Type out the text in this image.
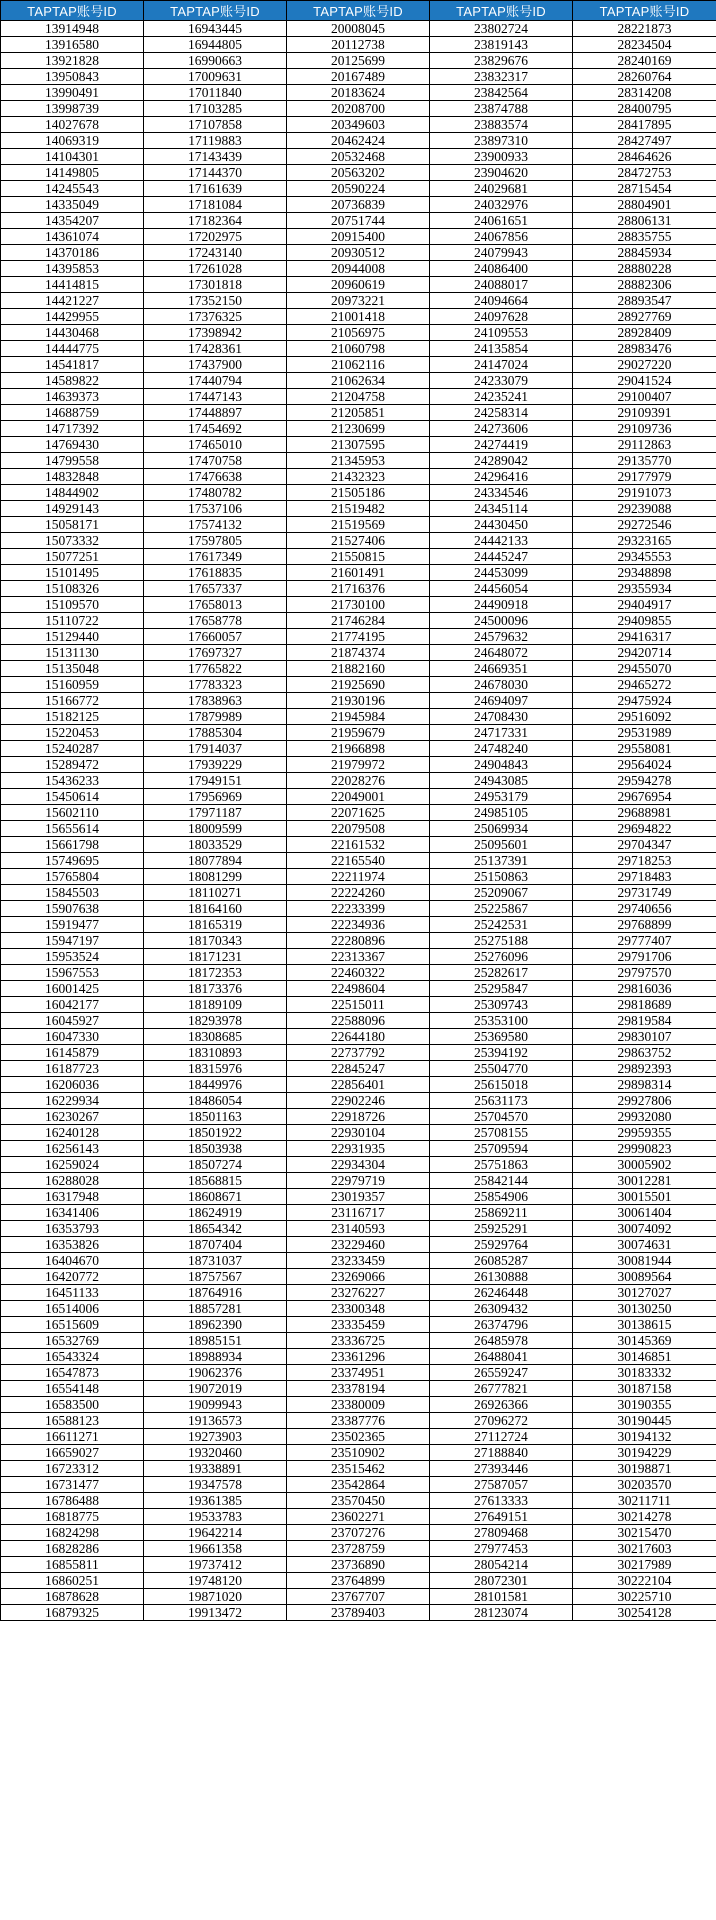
TAPTAP账号ID	TAPTAP账号ID	TAPTAP账号ID	TAPTAP账号ID	TAPTAP账号ID
13914948	16943445	20008045	23802724	28221873
13916580	16944805	20112738	23819143	28234504
13921828	16990663	20125699	23829676	28240169
13950843	17009631	20167489	23832317	28260764
13990491	17011840	20183624	23842564	28314208
13998739	17103285	20208700	23874788	28400795
14027678	17107858	20349603	23883574	28417895
14069319	17119883	20462424	23897310	28427497
14104301	17143439	20532468	23900933	28464626
14149805	17144370	20563202	23904620	28472753
14245543	17161639	20590224	24029681	28715454
14335049	17181084	20736839	24032976	28804901
14354207	17182364	20751744	24061651	28806131
14361074	17202975	20915400	24067856	28835755
14370186	17243140	20930512	24079943	28845934
14395853	17261028	20944008	24086400	28880228
14414815	17301818	20960619	24088017	28882306
14421227	17352150	20973221	24094664	28893547
14429955	17376325	21001418	24097628	28927769
14430468	17398942	21056975	24109553	28928409
14444775	17428361	21060798	24135854	28983476
14541817	17437900	21062116	24147024	29027220
14589822	17440794	21062634	24233079	29041524
14639373	17447143	21204758	24235241	29100407
14688759	17448897	21205851	24258314	29109391
14717392	17454692	21230699	24273606	29109736
14769430	17465010	21307595	24274419	29112863
14799558	17470758	21345953	24289042	29135770
14832848	17476638	21432323	24296416	29177979
14844902	17480782	21505186	24334546	29191073
14929143	17537106	21519482	24345114	29239088
15058171	17574132	21519569	24430450	29272546
15073332	17597805	21527406	24442133	29323165
15077251	17617349	21550815	24445247	29345553
15101495	17618835	21601491	24453099	29348898
15108326	17657337	21716376	24456054	29355934
15109570	17658013	21730100	24490918	29404917
15110722	17658778	21746284	24500096	29409855
15129440	17660057	21774195	24579632	29416317
15131130	17697327	21874374	24648072	29420714
15135048	17765822	21882160	24669351	29455070
15160959	17783323	21925690	24678030	29465272
15166772	17838963	21930196	24694097	29475924
15182125	17879989	21945984	24708430	29516092
15220453	17885304	21959679	24717331	29531989
15240287	17914037	21966898	24748240	29558081
15289472	17939229	21979972	24904843	29564024
15436233	17949151	22028276	24943085	29594278
15450614	17956969	22049001	24953179	29676954
15602110	17971187	22071625	24985105	29688981
15655614	18009599	22079508	25069934	29694822
15661798	18033529	22161532	25095601	29704347
15749695	18077894	22165540	25137391	29718253
15765804	18081299	22211974	25150863	29718483
15845503	18110271	22224260	25209067	29731749
15907638	18164160	22233399	25225867	29740656
15919477	18165319	22234936	25242531	29768899
15947197	18170343	22280896	25275188	29777407
15953524	18171231	22313367	25276096	29791706
15967553	18172353	22460322	25282617	29797570
16001425	18173376	22498604	25295847	29816036
16042177	18189109	22515011	25309743	29818689
16045927	18293978	22588096	25353100	29819584
16047330	18308685	22644180	25369580	29830107
16145879	18310893	22737792	25394192	29863752
16187723	18315976	22845247	25504770	29892393
16206036	18449976	22856401	25615018	29898314
16229934	18486054	22902246	25631173	29927806
16230267	18501163	22918726	25704570	29932080
16240128	18501922	22930104	25708155	29959355
16256143	18503938	22931935	25709594	29990823
16259024	18507274	22934304	25751863	30005902
16288028	18568815	22979719	25842144	30012281
16317948	18608671	23019357	25854906	30015501
16341406	18624919	23116717	25869211	30061404
16353793	18654342	23140593	25925291	30074092
16353826	18707404	23229460	25929764	30074631
16404670	18731037	23233459	26085287	30081944
16420772	18757567	23269066	26130888	30089564
16451133	18764916	23276227	26246448	30127027
16514006	18857281	23300348	26309432	30130250
16515609	18962390	23335459	26374796	30138615
16532769	18985151	23336725	26485978	30145369
16543324	18988934	23361296	26488041	30146851
16547873	19062376	23374951	26559247	30183332
16554148	19072019	23378194	26777821	30187158
16583500	19099943	23380009	26926366	30190355
16588123	19136573	23387776	27096272	30190445
16611271	19273903	23502365	27112724	30194132
16659027	19320460	23510902	27188840	30194229
16723312	19338891	23515462	27393446	30198871
16731477	19347578	23542864	27587057	30203570
16786488	19361385	23570450	27613333	30211711
16818775	19533783	23602271	27649151	30214278
16824298	19642214	23707276	27809468	30215470
16828286	19661358	23728759	27977453	30217603
16855811	19737412	23736890	28054214	30217989
16860251	19748120	23764899	28072301	30222104
16878628	19871020	23767707	28101581	30225710
16879325	19913472	23789403	28123074	30254128
